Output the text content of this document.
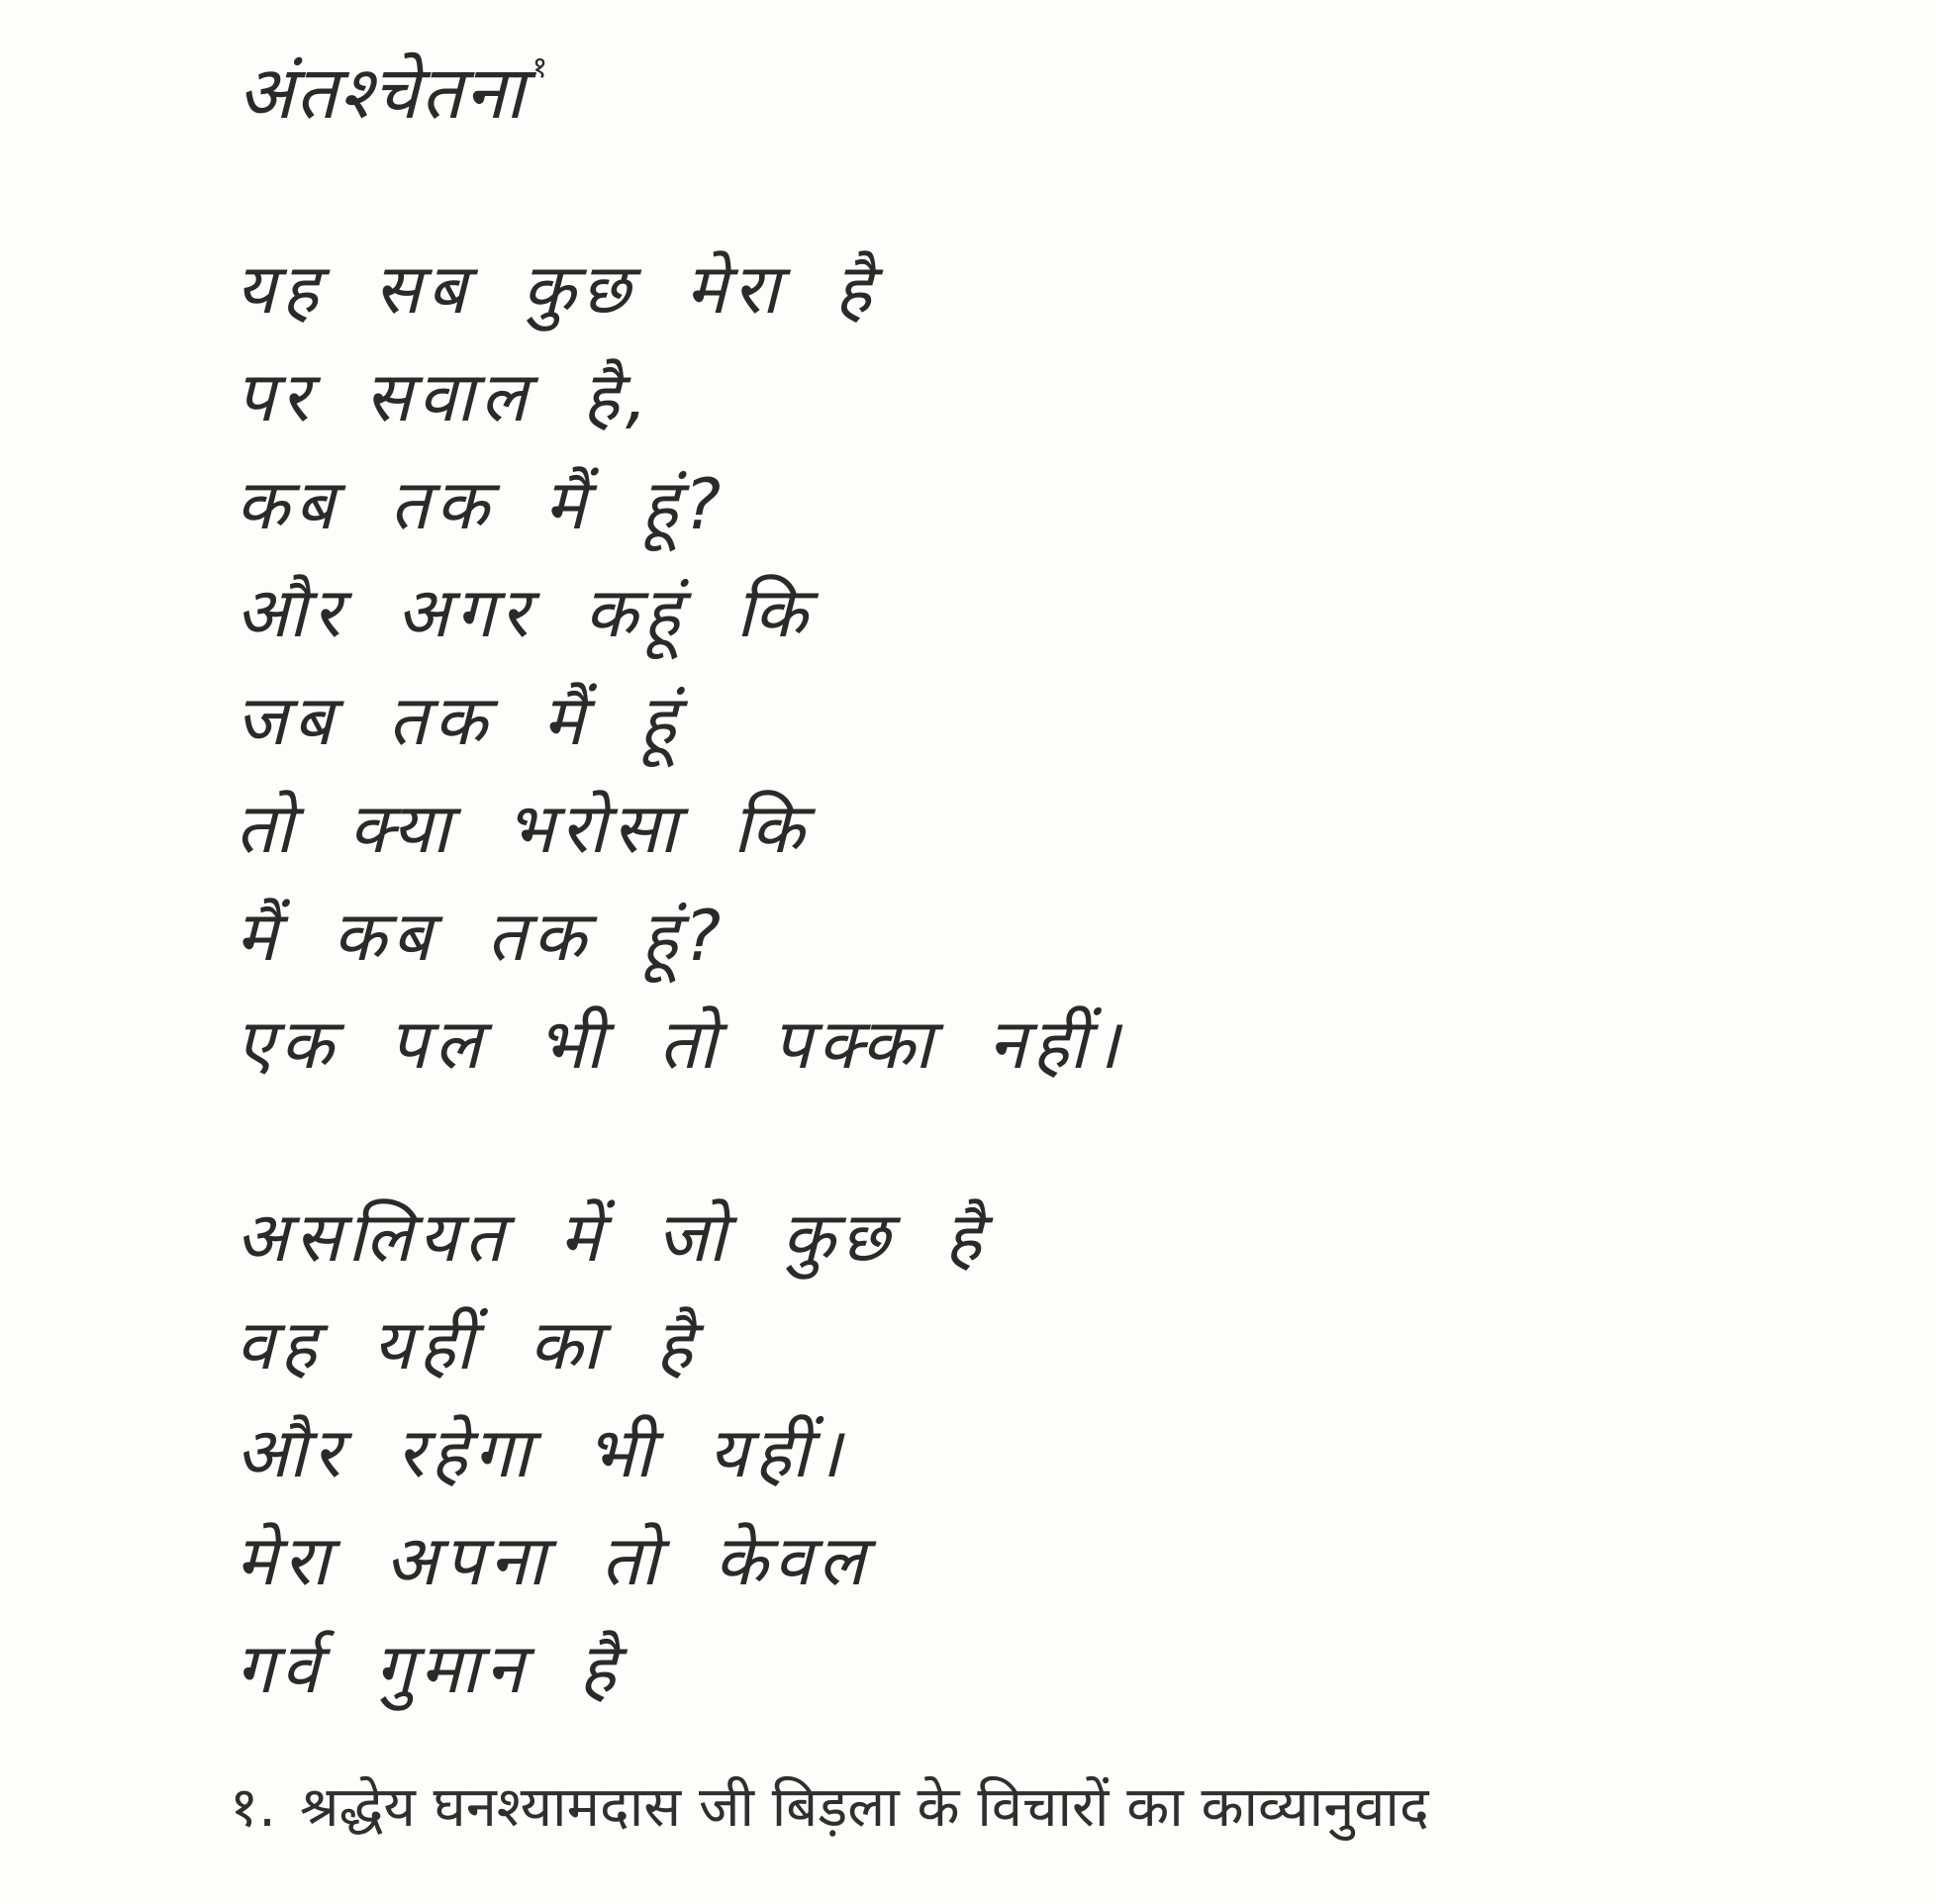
अंतश्चेतना $^१$
यह सब कुछ मेरा है
पर सवाल है,
कब तक मैं हूं?
और अगर कहूं कि
जब तक मैं हूं
तो क्या भरोसा कि
मैं कब तक हूं?
एक पल भी तो पक्का नहीं।
असलियत में जो कुछ है
वह यहीं का है
और रहेगा भी यहीं।
मेरा अपना तो केवल
गर्व गुमान है
१. श्रद्धेय घनश्यामदास जी बिड़ला के विचारों का काव्यानुवाद
